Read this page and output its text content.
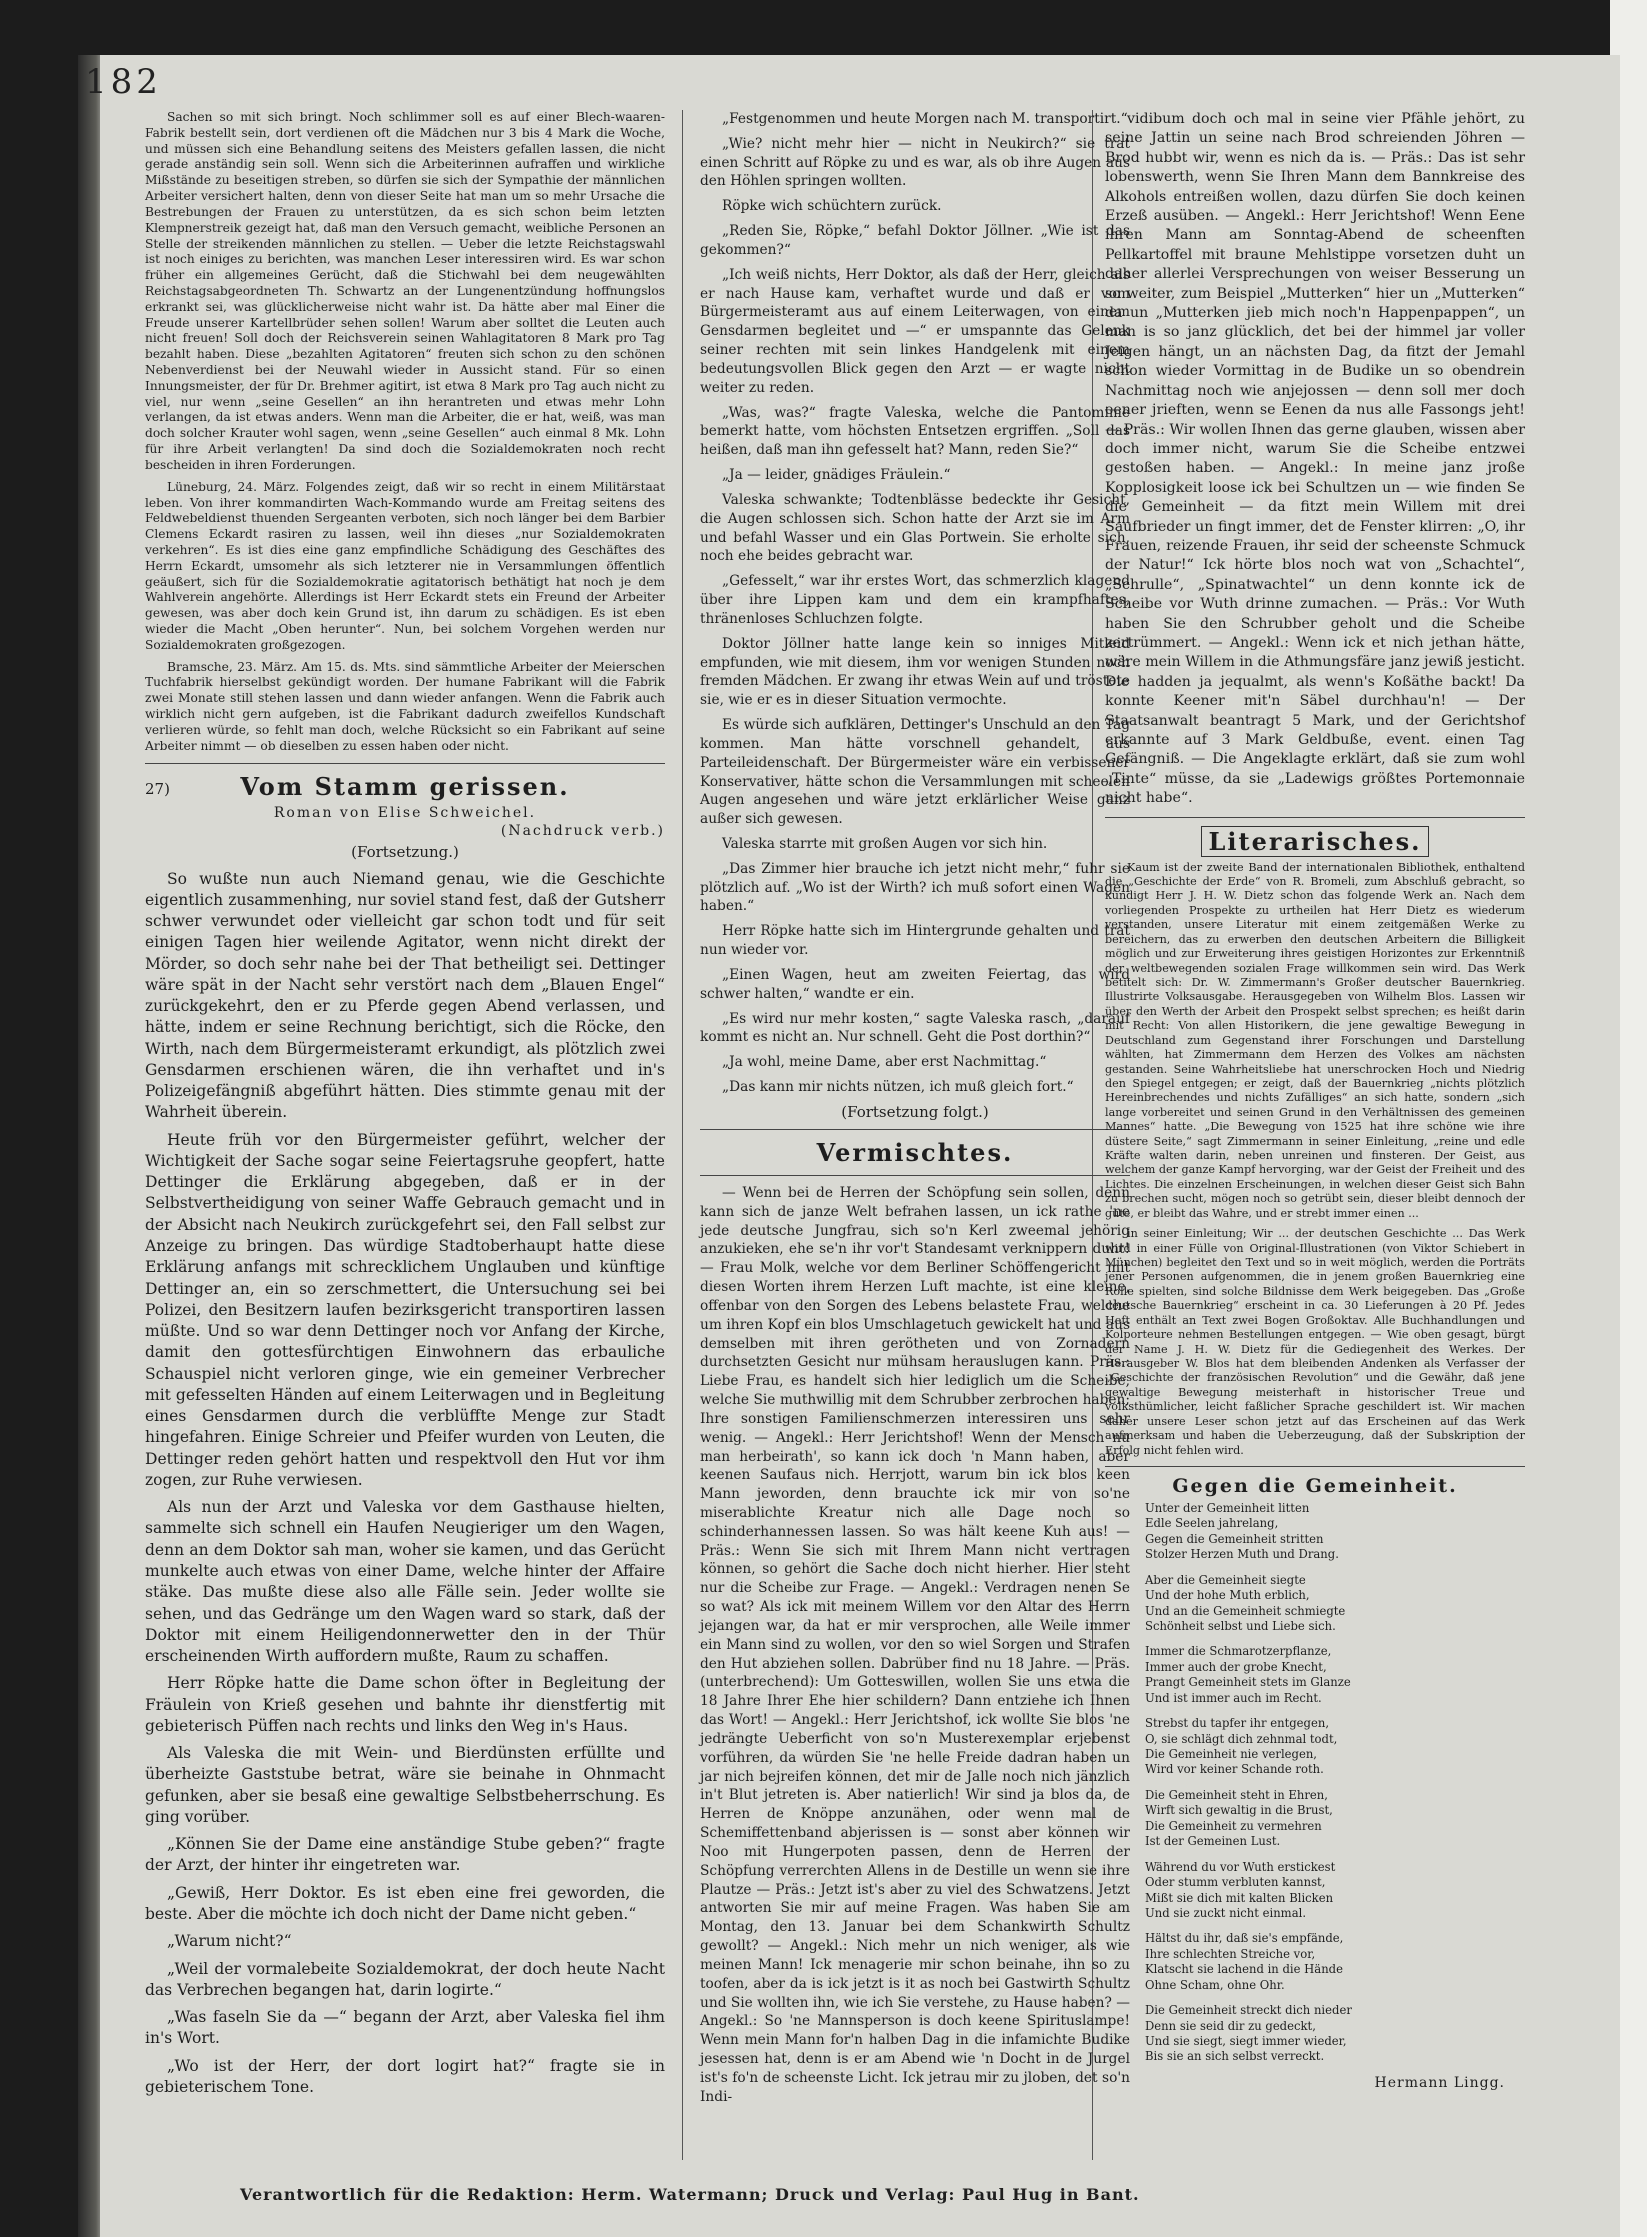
182

Sachen so mit sich bringt. Noch schlimmer soll es auf einer Blech-waaren-Fabrik bestellt sein, dort verdienen oft die Mädchen nur 3 bis 4 Mark die Woche, und müssen sich eine Behandlung seitens des Meisters gefallen lassen, die nicht gerade anständig sein soll. Wenn sich die Arbeiterinnen aufraffen und wirkliche Mißstände zu beseitigen streben, so dürfen sie sich der Sympathie der männlichen Arbeiter versichert halten, denn von dieser Seite hat man um so mehr Ursache die Bestrebungen der Frauen zu unterstützen, da es sich schon beim letzten Klempnerstreik gezeigt hat, daß man den Versuch gemacht, weibliche Personen an Stelle der streikenden männlichen zu stellen. — Ueber die letzte Reichstagswahl ist noch einiges zu berichten, was manchen Leser interessiren wird. Es war schon früher ein allgemeines Gerücht, daß die Stichwahl bei dem neugewählten Reichstagsabgeordneten Th. Schwartz an der Lungenentzündung hoffnungslos erkrankt sei, was glücklicherweise nicht wahr ist. Da hätte aber mal Einer die Freude unserer Kartellbrüder sehen sollen! Warum aber solltet die Leuten auch nicht freuen! Soll doch der Reichsverein seinen Wahlagitatoren 8 Mark pro Tag bezahlt haben. Diese „bezahlten Agitatoren“ freuten sich schon zu den schönen Nebenverdienst bei der Neuwahl wieder in Aussicht stand. Für so einen Innungsmeister, der für Dr. Brehmer agitirt, ist etwa 8 Mark pro Tag auch nicht zu viel, nur wenn „seine Gesellen“ an ihn herantreten und etwas mehr Lohn verlangen, da ist etwas anders. Wenn man die Arbeiter, die er hat, weiß, was man doch solcher Krauter wohl sagen, wenn „seine Gesellen“ auch einmal 8 Mk. Lohn für ihre Arbeit verlangten! Da sind doch die Sozialdemokraten noch recht bescheiden in ihren Forderungen.

Lüneburg, 24. März. Folgendes zeigt, daß wir so recht in einem Militärstaat leben. Von ihrer kommandirten Wach-Kommando wurde am Freitag seitens des Feldwebeldienst thuenden Sergeanten verboten, sich noch länger bei dem Barbier Clemens Eckardt rasiren zu lassen, weil ihn dieses „nur Sozialdemokraten verkehren“. Es ist dies eine ganz empfindliche Schädigung des Geschäftes des Herrn Eckardt, umsomehr als sich letzterer nie in Versammlungen öffentlich geäußert, sich für die Sozialdemokratie agitatorisch bethätigt hat noch je dem Wahlverein angehörte. Allerdings ist Herr Eckardt stets ein Freund der Arbeiter gewesen, was aber doch kein Grund ist, ihn darum zu schädigen. Es ist eben wieder die Macht „Oben herunter“. Nun, bei solchem Vorgehen werden nur Sozialdemokraten großgezogen.

Bramsche, 23. März. Am 15. ds. Mts. sind sämmtliche Arbeiter der Meierschen Tuchfabrik hierselbst gekündigt worden. Der humane Fabrikant will die Fabrik zwei Monate still stehen lassen und dann wieder anfangen. Wenn die Fabrik auch wirklich nicht gern aufgeben, ist die Fabrikant dadurch zweifellos Kundschaft verlieren würde, so fehlt man doch, welche Rücksicht so ein Fabrikant auf seine Arbeiter nimmt — ob dieselben zu essen haben oder nicht.

27)	Vom Stamm gerissen.
Roman von Elise Schweichel.
(Nachdruck verb.)
(Fortsetzung.)

So wußte nun auch Niemand genau, wie die Geschichte eigentlich zusammenhing, nur soviel stand fest, daß der Gutsherr schwer verwundet oder vielleicht gar schon todt und für seit einigen Tagen hier weilende Agitator, wenn nicht direkt der Mörder, so doch sehr nahe bei der That betheiligt sei. Dettinger wäre spät in der Nacht sehr verstört nach dem „Blauen Engel“ zurückgekehrt, den er zu Pferde gegen Abend verlassen, und hätte, indem er seine Rechnung berichtigt, sich die Röcke, den Wirth, nach dem Bürgermeisteramt erkundigt, als plötzlich zwei Gensdarmen erschienen wären, die ihn verhaftet und in's Polizeigefängniß abgeführt hätten. Dies stimmte genau mit der Wahrheit überein.

Heute früh vor den Bürgermeister geführt, welcher der Wichtigkeit der Sache sogar seine Feiertagsruhe geopfert, hatte Dettinger die Erklärung abgegeben, daß er in der Selbstvertheidigung von seiner Waffe Gebrauch gemacht und in der Absicht nach Neukirch zurückgefehrt sei, den Fall selbst zur Anzeige zu bringen. Das würdige Stadtoberhaupt hatte diese Erklärung anfangs mit schrecklichem Unglauben und künftige Dettinger an, ein so zerschmettert, die Untersuchung sei bei Polizei, den Besitzern laufen bezirksgericht transportiren lassen müßte. Und so war denn Dettinger noch vor Anfang der Kirche, damit den gottesfürchtigen Einwohnern das erbauliche Schauspiel nicht verloren ginge, wie ein gemeiner Verbrecher mit gefesselten Händen auf einem Leiterwagen und in Begleitung eines Gensdarmen durch die verblüffte Menge zur Stadt hingefahren. Einige Schreier und Pfeifer wurden von Leuten, die Dettinger reden gehört hatten und respektvoll den Hut vor ihm zogen, zur Ruhe verwiesen.

Als nun der Arzt und Valeska vor dem Gasthause hielten, sammelte sich schnell ein Haufen Neugieriger um den Wagen, denn an dem Doktor sah man, woher sie kamen, und das Gerücht munkelte auch etwas von einer Dame, welche hinter der Affaire stäke. Das mußte diese also alle Fälle sein. Jeder wollte sie sehen, und das Gedränge um den Wagen ward so stark, daß der Doktor mit einem Heiligendonnerwetter den in der Thür erscheinenden Wirth auffordern mußte, Raum zu schaffen.

Herr Röpke hatte die Dame schon öfter in Begleitung der Fräulein von Krieß gesehen und bahnte ihr dienstfertig mit gebieterisch Püffen nach rechts und links den Weg in's Haus.

Als Valeska die mit Wein- und Bierdünsten erfüllte und überheizte Gaststube betrat, wäre sie beinahe in Ohnmacht gefunken, aber sie besaß eine gewaltige Selbstbeherrschung. Es ging vorüber.

„Können Sie der Dame eine anständige Stube geben?“ fragte der Arzt, der hinter ihr eingetreten war.

„Gewiß, Herr Doktor. Es ist eben eine frei geworden, die beste. Aber die möchte ich doch nicht der Dame nicht geben.“

„Warum nicht?“

„Weil der vormalebeite Sozialdemokrat, der doch heute Nacht das Verbrechen begangen hat, darin logirte.“

„Was faseln Sie da —“ begann der Arzt, aber Valeska fiel ihm in's Wort.

„Wo ist der Herr, der dort logirt hat?“ fragte sie in gebieterischem Tone.

„Festgenommen und heute Morgen nach M. transportirt.“

„Wie? nicht mehr hier — nicht in Neukirch?“ sie trat einen Schritt auf Röpke zu und es war, als ob ihre Augen aus den Höhlen springen wollten.

Röpke wich schüchtern zurück.

„Reden Sie, Röpke,“ befahl Doktor Jöllner. „Wie ist das gekommen?“

„Ich weiß nichts, Herr Doktor, als daß der Herr, gleich als er nach Hause kam, verhaftet wurde und daß er vom Bürgermeisteramt aus auf einem Leiterwagen, von einem Gensdarmen begleitet und —“ er umspannte das Gelenk seiner rechten mit sein linkes Handgelenk mit einem bedeutungsvollen Blick gegen den Arzt — er wagte nicht weiter zu reden.

„Was, was?“ fragte Valeska, welche die Pantomime bemerkt hatte, vom höchsten Entsetzen ergriffen. „Soll das heißen, daß man ihn gefesselt hat? Mann, reden Sie?“

„Ja — leider, gnädiges Fräulein.“

Valeska schwankte; Todtenblässe bedeckte ihr Gesicht, die Augen schlossen sich. Schon hatte der Arzt sie im Arm und befahl Wasser und ein Glas Portwein. Sie erholte sich, noch ehe beides gebracht war.

„Gefesselt,“ war ihr erstes Wort, das schmerzlich klagend über ihre Lippen kam und dem ein krampfhaftes, thränenloses Schluchzen folgte.

Doktor Jöllner hatte lange kein so inniges Mitleid empfunden, wie mit diesem, ihm vor wenigen Stunden noch fremden Mädchen. Er zwang ihr etwas Wein auf und tröstete sie, wie er es in dieser Situation vermochte.

Es würde sich aufklären, Dettinger's Unschuld an den Tag kommen. Man hätte vorschnell gehandelt, aus Parteileidenschaft. Der Bürgermeister wäre ein verbissener Konservativer, hätte schon die Versammlungen mit scheelen Augen angesehen und wäre jetzt erklärlicher Weise ganz außer sich gewesen.

Valeska starrte mit großen Augen vor sich hin.

„Das Zimmer hier brauche ich jetzt nicht mehr,“ fuhr sie plötzlich auf. „Wo ist der Wirth? ich muß sofort einen Wagen haben.“

Herr Röpke hatte sich im Hintergrunde gehalten und trat nun wieder vor.

„Einen Wagen, heut am zweiten Feiertag, das wird schwer halten,“ wandte er ein.

„Es wird nur mehr kosten,“ sagte Valeska rasch, „darauf kommt es nicht an. Nur schnell. Geht die Post dorthin?“

„Ja wohl, meine Dame, aber erst Nachmittag.“

„Das kann mir nichts nützen, ich muß gleich fort.“

(Fortsetzung folgt.)
Vermischtes.

— Wenn bei de Herren der Schöpfung sein sollen, denn kann sich de janze Welt befrahen lassen, un ick rathe 'ne jede deutsche Jungfrau, sich so'n Kerl zweemal jehörig anzukieken, ehe se'n ihr vor't Standesamt verknippern duht! — Frau Molk, welche vor dem Berliner Schöffengericht mit diesen Worten ihrem Herzen Luft machte, ist eine kleine, offenbar von den Sorgen des Lebens belastete Frau, welche um ihren Kopf ein blos Umschlagetuch gewickelt hat und aus demselben mit ihren gerötheten und von Zornadern durchsetzten Gesicht nur mühsam herauslugen kann. Präs.: Liebe Frau, es handelt sich hier lediglich um die Scheibe, welche Sie muthwillig mit dem Schrubber zerbrochen haben; Ihre sonstigen Familienschmerzen interessiren uns sehr wenig. — Angekl.: Herr Jerichtshof! Wenn der Mensch nu man herbeirath', so kann ick doch 'n Mann haben, aber keenen Saufaus nich. Herrjott, warum bin ick blos keen Mann jeworden, denn brauchte ick mir von so'ne miserablichte Kreatur nich alle Dage noch so schinderhannessen lassen. So was hält keene Kuh aus! — Präs.: Wenn Sie sich mit Ihrem Mann nicht vertragen können, so gehört die Sache doch nicht hierher. Hier steht nur die Scheibe zur Frage. — Angekl.: Verdragen nenen Se so wat? Als ick mit meinem Willem vor den Altar des Herrn jejangen war, da hat er mir versprochen, alle Weile immer ein Mann sind zu wollen, vor den so wiel Sorgen und Strafen den Hut abziehen sollen. Dabrüber find nu 18 Jahre. — Präs. (unterbrechend): Um Gotteswillen, wollen Sie uns etwa die 18 Jahre Ihrer Ehe hier schildern? Dann entziehe ich Ihnen das Wort! — Angekl.: Herr Jerichtshof, ick wollte Sie blos 'ne jedrängte Ueberficht von so'n Musterexemplar erjebenst vorführen, da würden Sie 'ne helle Freide dadran haben un jar nich bejreifen können, det mir de Jalle noch nich jänzlich in't Blut jetreten is. Aber natierlich! Wir sind ja blos da, de Herren de Knöppe anzunähen, oder wenn mal de Schemiffettenband abjerissen is — sonst aber können wir Noo mit Hungerpoten passen, denn de Herren der Schöpfung verrerchten Allens in de Destille un wenn sie ihre Plautze — Präs.: Jetzt ist's aber zu viel des Schwatzens. Jetzt antworten Sie mir auf meine Fragen. Was haben Sie am Montag, den 13. Januar bei dem Schankwirth Schultz gewollt? — Angekl.: Nich mehr un nich weniger, als wie meinen Mann! Ick menagerie mir schon beinahe, ihn so zu toofen, aber da is ick jetzt is it as noch bei Gastwirth Schultz und Sie wollten ihn, wie ich Sie verstehe, zu Hause haben? — Angekl.: So 'ne Mannsperson is doch keene Spirituslampe! Wenn mein Mann for'n halben Dag in die infamichte Budike jesessen hat, denn is er am Abend wie 'n Docht in de Jurgel ist's fo'n de scheenste Licht. Ick jetrau mir zu jloben, det so'n Indi-

vidibum doch och mal in seine vier Pfähle jehört, zu seine Jattin un seine nach Brod schreienden Jöhren — Brod hubbt wir, wenn es nich da is. — Präs.: Das ist sehr lobenswerth, wenn Sie Ihren Mann dem Bannkreise des Alkohols entreißen wollen, dazu dürfen Sie doch keinen Erzeß ausüben. — Angekl.: Herr Jerichtshof! Wenn Eene ihren Mann am Sonntag-Abend de scheenften Pellkartoffel mit braune Mehlstippe vorsetzen duht un daher allerlei Versprechungen von weiser Besserung un so weiter, zum Beispiel „Mutterken“ hier un „Mutterken“ da un „Mutterken jieb mich noch'n Happenpappen“, un man is so janz glücklich, det bei der himmel jar voller Jeigen hängt, un an nächsten Dag, da fitzt der Jemahl schon wieder Vormittag in de Budike un so obendrein Nachmittag noch wie anjejossen — denn soll mer doch eener jrieften, wenn se Eenen da nus alle Fassongs jeht! — Präs.: Wir wollen Ihnen das gerne glauben, wissen aber doch immer nicht, warum Sie die Scheibe entzwei gestoßen haben. — Angekl.: In meine janz jroße Kopplosigkeit loose ick bei Schultzen un — wie finden Se die Gemeinheit — da fitzt mein Willem mit drei Saufbrieder un fingt immer, det de Fenster klirren: „O, ihr Frauen, reizende Frauen, ihr seid der scheenste Schmuck der Natur!“ Ick hörte blos noch wat von „Schachtel“, „Schrulle“, „Spinatwachtel“ un denn konnte ick de Scheibe vor Wuth drinne zumachen. — Präs.: Vor Wuth haben Sie den Schrubber geholt und die Scheibe zertrümmert. — Angekl.: Wenn ick et nich jethan hätte, wäre mein Willem in die Athmungsfäre janz jewiß jesticht. Die hadden ja jequalmt, als wenn's Koßäthe backt! Da konnte Keener mit'n Säbel durchhau'n! — Der Staatsanwalt beantragt 5 Mark, und der Gerichtshof erkannte auf 3 Mark Geldbuße, event. einen Tag Gefängniß. — Die Angeklagte erklärt, daß sie zum wohl „Tinte“ müsse, da sie „Ladewigs größtes Portemonnaie nicht habe“.

Literarisches.

Kaum ist der zweite Band der internationalen Bibliothek, enthaltend die „Geschichte der Erde“ von R. Bromeli, zum Abschluß gebracht, so kündigt Herr J. H. W. Dietz schon das folgende Werk an. Nach dem vorliegenden Prospekte zu urtheilen hat Herr Dietz es wiederum verstanden, unsere Literatur mit einem zeitgemäßen Werke zu bereichern, das zu erwerben den deutschen Arbeitern die Billigkeit möglich und zur Erweiterung ihres geistigen Horizontes zur Erkenntniß der weltbewegenden sozialen Frage willkommen sein wird. Das Werk betitelt sich: Dr. W. Zimmermann's Großer deutscher Bauernkrieg. Illustrirte Volksausgabe. Herausgegeben von Wilhelm Blos. Lassen wir über den Werth der Arbeit den Prospekt selbst sprechen; es heißt darin mit Recht: Von allen Historikern, die jene gewaltige Bewegung in Deutschland zum Gegenstand ihrer Forschungen und Darstellung wählten, hat Zimmermann dem Herzen des Volkes am nächsten gestanden. Seine Wahrheitsliebe hat unerschrocken Hoch und Niedrig den Spiegel entgegen; er zeigt, daß der Bauernkrieg „nichts plötzlich Hereinbrechendes und nichts Zufälliges“ an sich hatte, sondern „sich lange vorbereitet und seinen Grund in den Verhältnissen des gemeinen Mannes“ hatte. „Die Bewegung von 1525 hat ihre schöne wie ihre düstere Seite,“ sagt Zimmermann in seiner Einleitung, „reine und edle Kräfte walten darin, neben unreinen und finsteren. Der Geist, aus welchem der ganze Kampf hervorging, war der Geist der Freiheit und des Lichtes. Die einzelnen Erscheinungen, in welchen dieser Geist sich Bahn zu brechen sucht, mögen noch so getrübt sein, dieser bleibt dennoch der gute, er bleibt das Wahre, und er strebt immer einen ...

in seiner Einleitung; Wir ... der deutschen Geschichte ... Das Werk wird in einer Fülle von Original-Illustrationen (von Viktor Schiebert in München) begleitet den Text und so in weit möglich, werden die Porträts jener Personen aufgenommen, die in jenem großen Bauernkrieg eine Rolle spielten, sind solche Bildnisse dem Werk beigegeben. Das „Große deutsche Bauernkrieg“ erscheint in ca. 30 Lieferungen à 20 Pf. Jedes Heft enthält an Text zwei Bogen Großoktav. Alle Buchhandlungen und Kolporteure nehmen Bestellungen entgegen. — Wie oben gesagt, bürgt der Name J. H. W. Dietz für die Gediegenheit des Werkes. Der Herausgeber W. Blos hat dem bleibenden Andenken als Verfasser der „Geschichte der französischen Revolution“ und die Gewähr, daß jene gewaltige Bewegung meisterhaft in historischer Treue und volksthümlicher, leicht faßlicher Sprache geschildert ist. Wir machen daher unsere Leser schon jetzt auf das Erscheinen auf das Werk aufmerksam und haben die Ueberzeugung, daß der Subskription der Erfolg nicht fehlen wird.

Gegen die Gemeinheit.
Unter der Gemeinheit litten
Edle Seelen jahrelang,
Gegen die Gemeinheit stritten
Stolzer Herzen Muth und Drang.
Aber die Gemeinheit siegte
Und der hohe Muth erblich,
Und an die Gemeinheit schmiegte
Schönheit selbst und Liebe sich.
Immer die Schmarotzerpflanze,
Immer auch der grobe Knecht,
Prangt Gemeinheit stets im Glanze
Und ist immer auch im Recht.
Strebst du tapfer ihr entgegen,
O, sie schlägt dich zehnmal todt,
Die Gemeinheit nie verlegen,
Wird vor keiner Schande roth.
Die Gemeinheit steht in Ehren,
Wirft sich gewaltig in die Brust,
Die Gemeinheit zu vermehren
Ist der Gemeinen Lust.
Während du vor Wuth erstickest
Oder stumm verbluten kannst,
Mißt sie dich mit kalten Blicken
Und sie zuckt nicht einmal.
Hältst du ihr, daß sie's empfände,
Ihre schlechten Streiche vor,
Klatscht sie lachend in die Hände
Ohne Scham, ohne Ohr.
Die Gemeinheit streckt dich nieder
Denn sie seid dir zu gedeckt,
Und sie siegt, siegt immer wieder,
Bis sie an sich selbst verreckt.
Hermann Lingg.
Verantwortlich für die Redaktion: Herm. Watermann; Druck und Verlag: Paul Hug in Bant.
